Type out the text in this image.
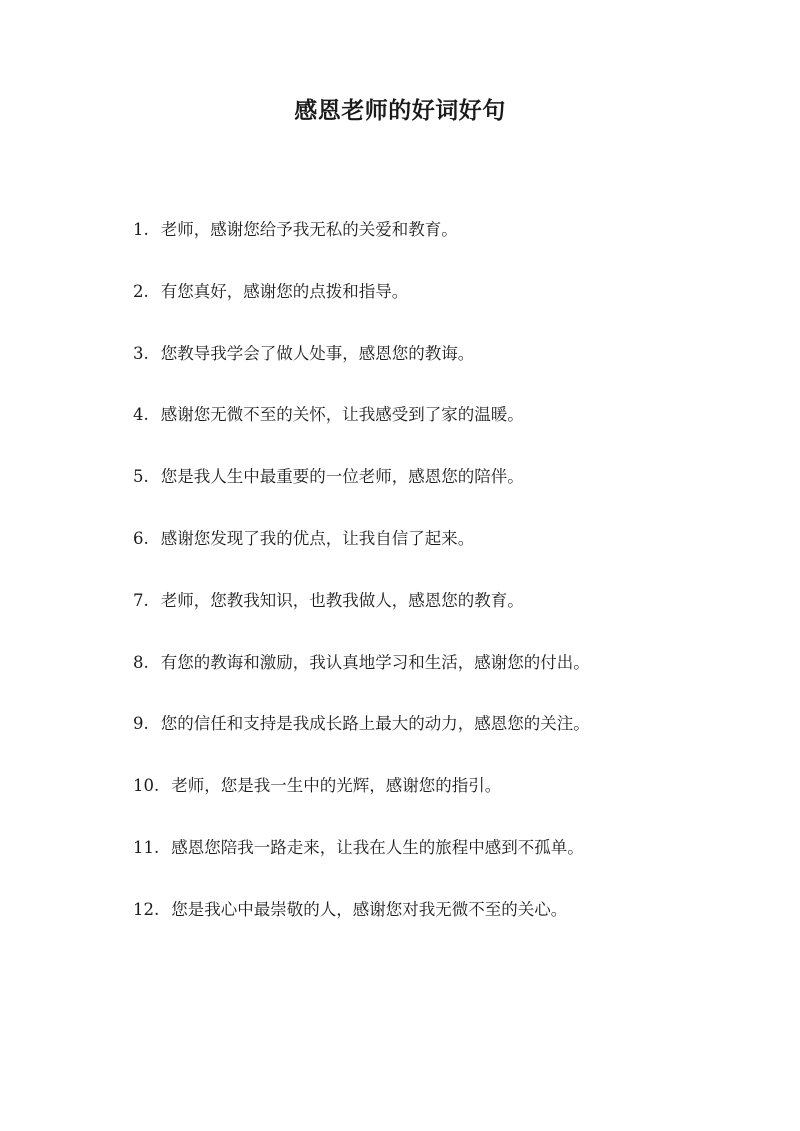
感恩老师的好词好句
1. 老师，感谢您给予我无私的关爱和教育。
2. 有您真好，感谢您的点拨和指导。
3. 您教导我学会了做人处事，感恩您的教诲。
4. 感谢您无微不至的关怀，让我感受到了家的温暖。
5. 您是我人生中最重要的一位老师，感恩您的陪伴。
6. 感谢您发现了我的优点，让我自信了起来。
7. 老师，您教我知识，也教我做人，感恩您的教育。
8. 有您的教诲和激励，我认真地学习和生活，感谢您的付出。
9. 您的信任和支持是我成长路上最大的动力，感恩您的关注。
10. 老师，您是我一生中的光辉，感谢您的指引。
11. 感恩您陪我一路走来，让我在人生的旅程中感到不孤单。
12. 您是我心中最崇敬的人，感谢您对我无微不至的关心。
